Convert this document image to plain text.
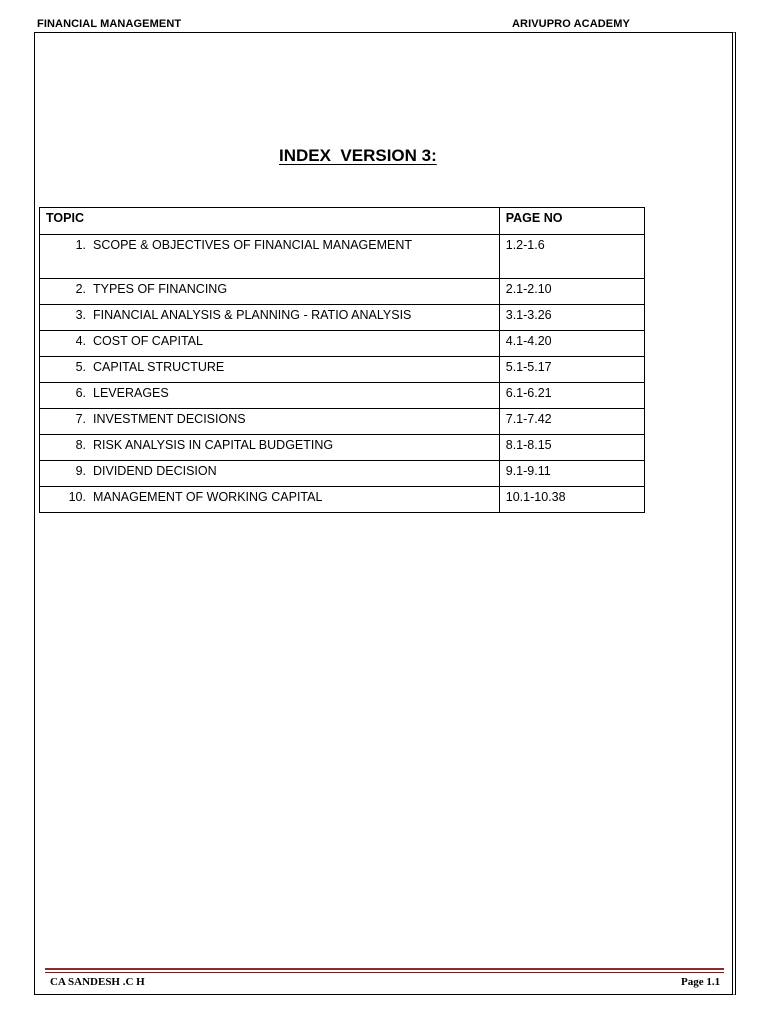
FINANCIAL MANAGEMENT	ARIVUPRO ACADEMY
INDEX  VERSION 3:
TOPIC	PAGE NO

1. SCOPE & OBJECTIVES OF FINANCIAL MANAGEMENT	1.2-1.6

2. TYPES OF FINANCING	2.1-2.10

3. FINANCIAL ANALYSIS & PLANNING - RATIO ANALYSIS	3.1-3.26

4. COST OF CAPITAL	4.1-4.20

5. CAPITAL STRUCTURE	5.1-5.17

6. LEVERAGES	6.1-6.21

7. INVESTMENT DECISIONS	7.1-7.42

8. RISK ANALYSIS IN CAPITAL BUDGETING	8.1-8.15

9. DIVIDEND DECISION	9.1-9.11

10. MANAGEMENT OF WORKING CAPITAL	10.1-10.38
CA SANDESH .C H	Page 1.1
